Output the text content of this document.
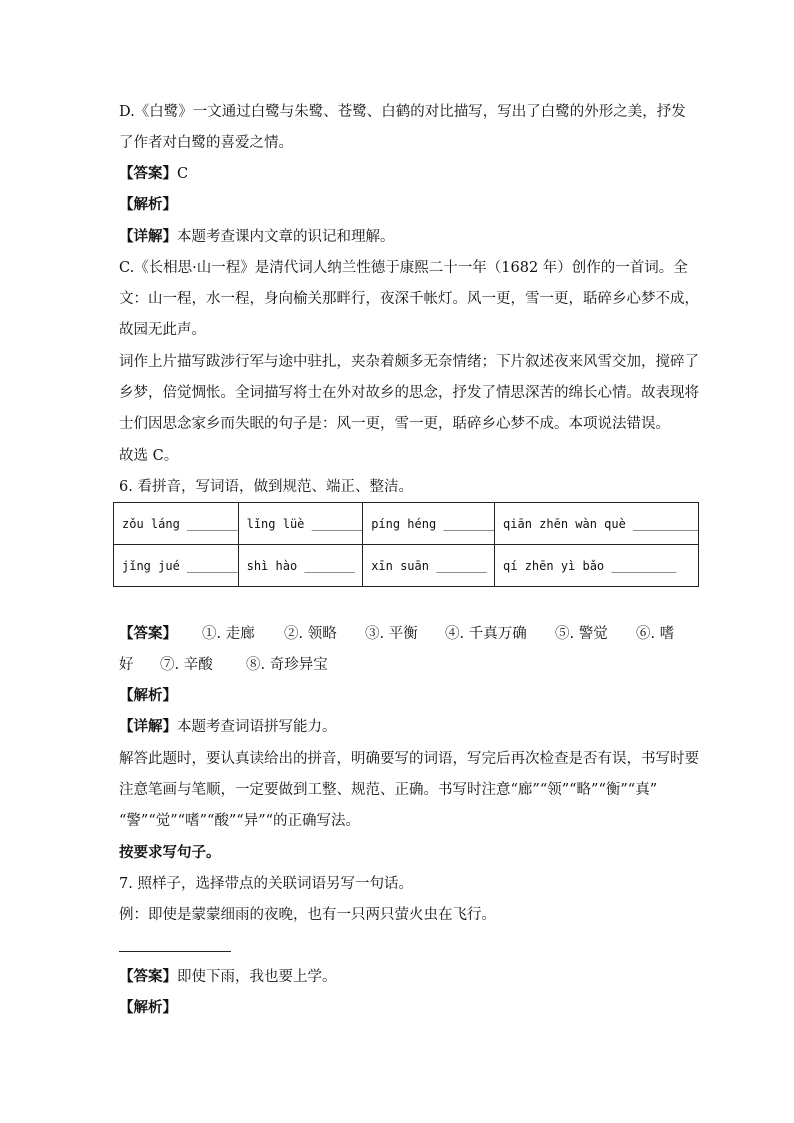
D.《白鹭》一文通过白鹭与朱鹭、苍鹭、白鹤的对比描写，写出了白鹭的外形之美，抒发
了作者对白鹭的喜爱之情。
【答案】C
【解析】
【详解】本题考查课内文章的识记和理解。
C.《长相思·山一程》是清代词人纳兰性德于康熙二十一年（1682 年）创作的一首词。全
文：山一程，水一程，身向榆关那畔行，夜深千帐灯。风一更，雪一更，聒碎乡心梦不成，
故园无此声。
词作上片描写跋涉行军与途中驻扎，夹杂着颇多无奈情绪；下片叙述夜来风雪交加，搅碎了
乡梦，倍觉惆怅。全词描写将士在外对故乡的思念，抒发了情思深苦的绵长心情。故表现将
士们因思念家乡而失眠的句子是：风一更，雪一更，聒碎乡心梦不成。本项说法错误。
故选 C。
6. 看拼音，写词语，做到规范、端正、整洁。
zǒu láng _______	lǐng lüè _______	píng héng _______	qiān zhēn wàn què _________
jǐng jué _______	shì hào _______	xīn suān _______	qí zhēn yì bǎo _________
【答案】 ①. 走廊 ②. 领略 ③. 平衡 ④. 千真万确 ⑤. 警觉 ⑥. 嗜
好 ⑦. 辛酸 ⑧. 奇珍异宝
【解析】
【详解】本题考查词语拼写能力。
解答此题时，要认真读给出的拼音，明确要写的词语，写完后再次检查是否有误，书写时要
注意笔画与笔顺，一定要做到工整、规范、正确。书写时注意“廊”“领”“略”“衡”“真”
“警”“觉”“嗜”“酸”“异”“的正确写法。
按要求写句子。
7. 照样子，选择带点的关联词语另写一句话。
例：即使是蒙蒙细雨的夜晚，也有一只两只萤火虫在飞行。
【答案】即使下雨，我也要上学。
【解析】
